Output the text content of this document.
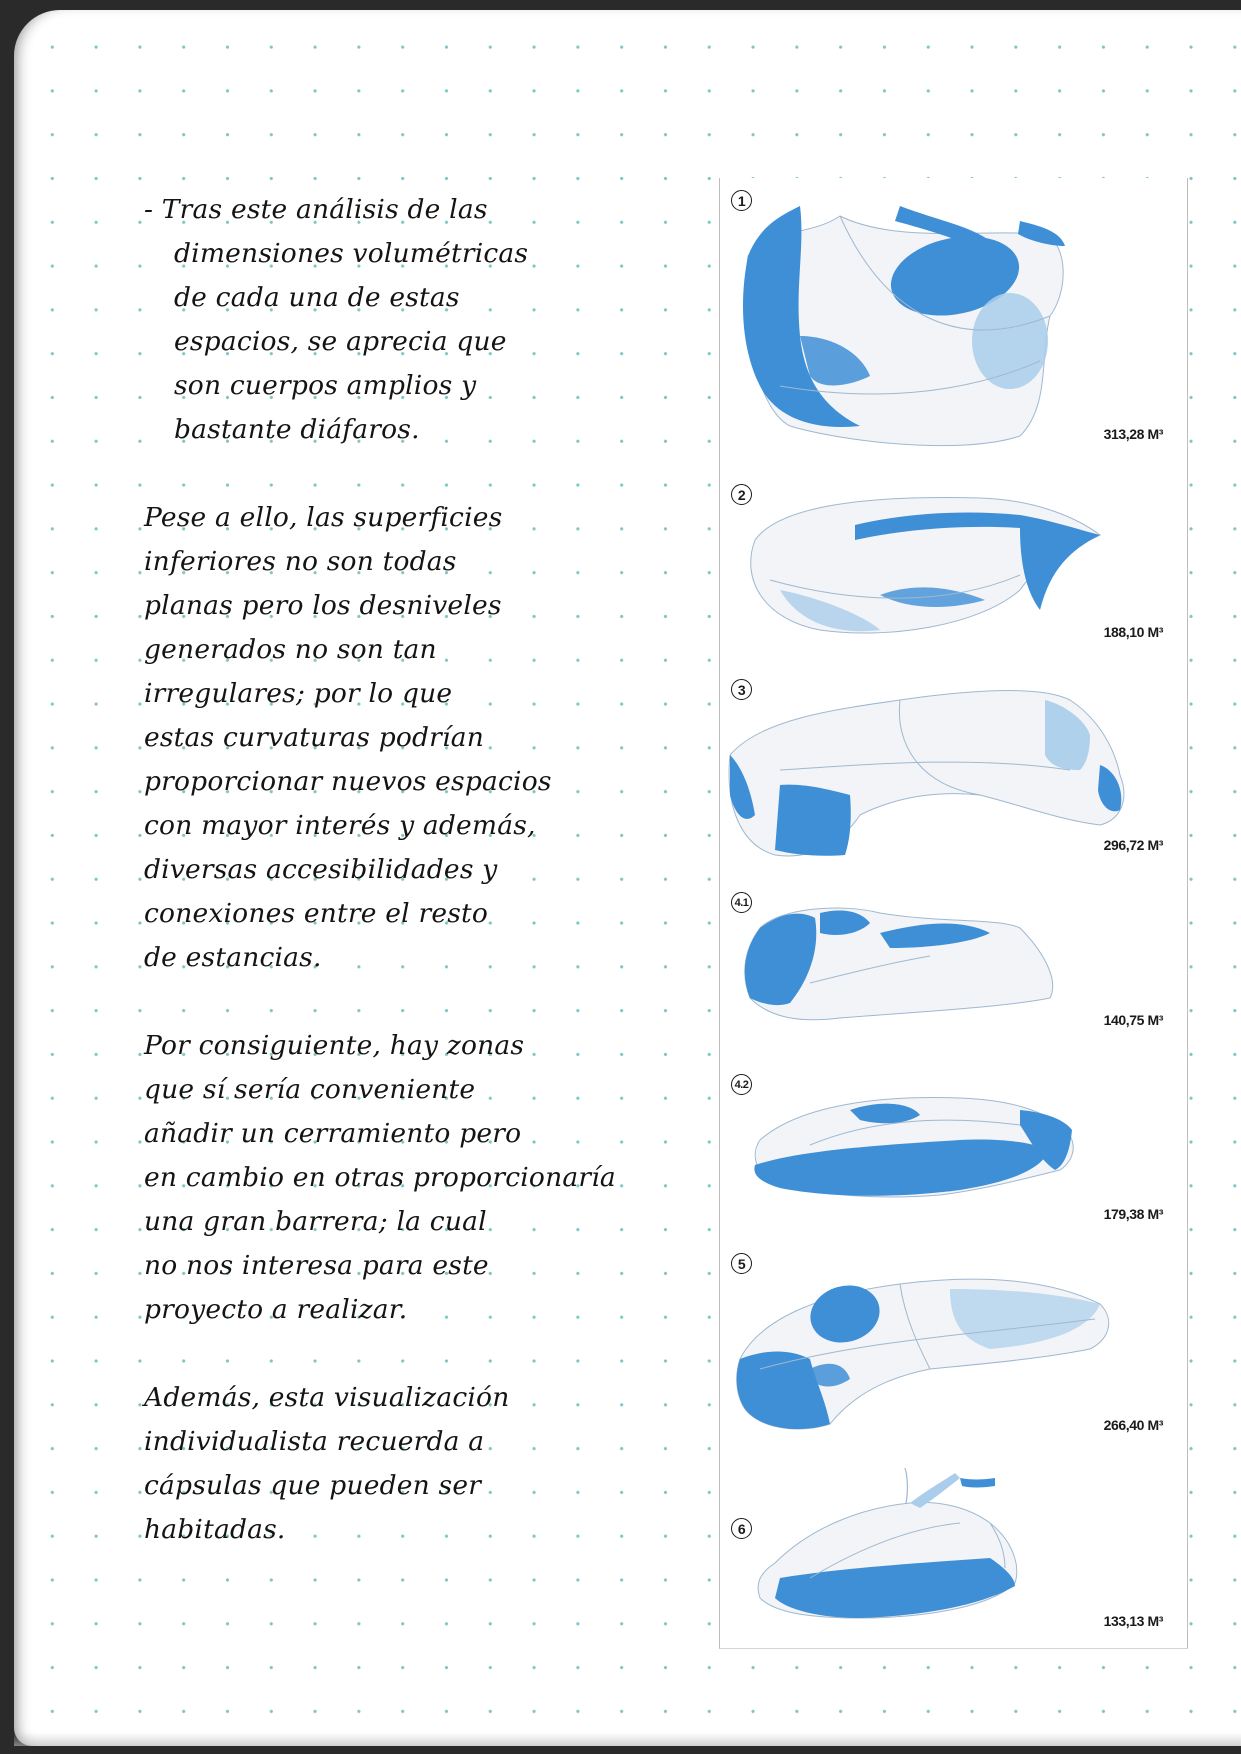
- Tras este análisis de las
dimensiones volumétricas
de cada una de estas
espacios, se aprecia que
son cuerpos amplios y
bastante diáfaros.
Pese a ello, las superficies
inferiores no son todas
planas pero los desniveles
generados no son tan
irregulares; por lo que
estas curvaturas podrían
proporcionar nuevos espacios
con mayor interés y además,
diversas accesibilidades y
conexiones entre el resto
de estancias.
Por consiguiente, hay zonas
que sí sería conveniente
añadir un cerramiento pero
en cambio en otras proporcionaría
una gran barrera; la cual
no nos interesa para este
proyecto a realizar.
Además, esta visualización
individualista recuerda a
cápsulas que pueden ser
habitadas.
1
313,28 M³
2
188,10 M³
3
296,72 M³
4.1
140,75 M³
4.2
179,38 M³
5
266,40 M³
6
133,13 M³
